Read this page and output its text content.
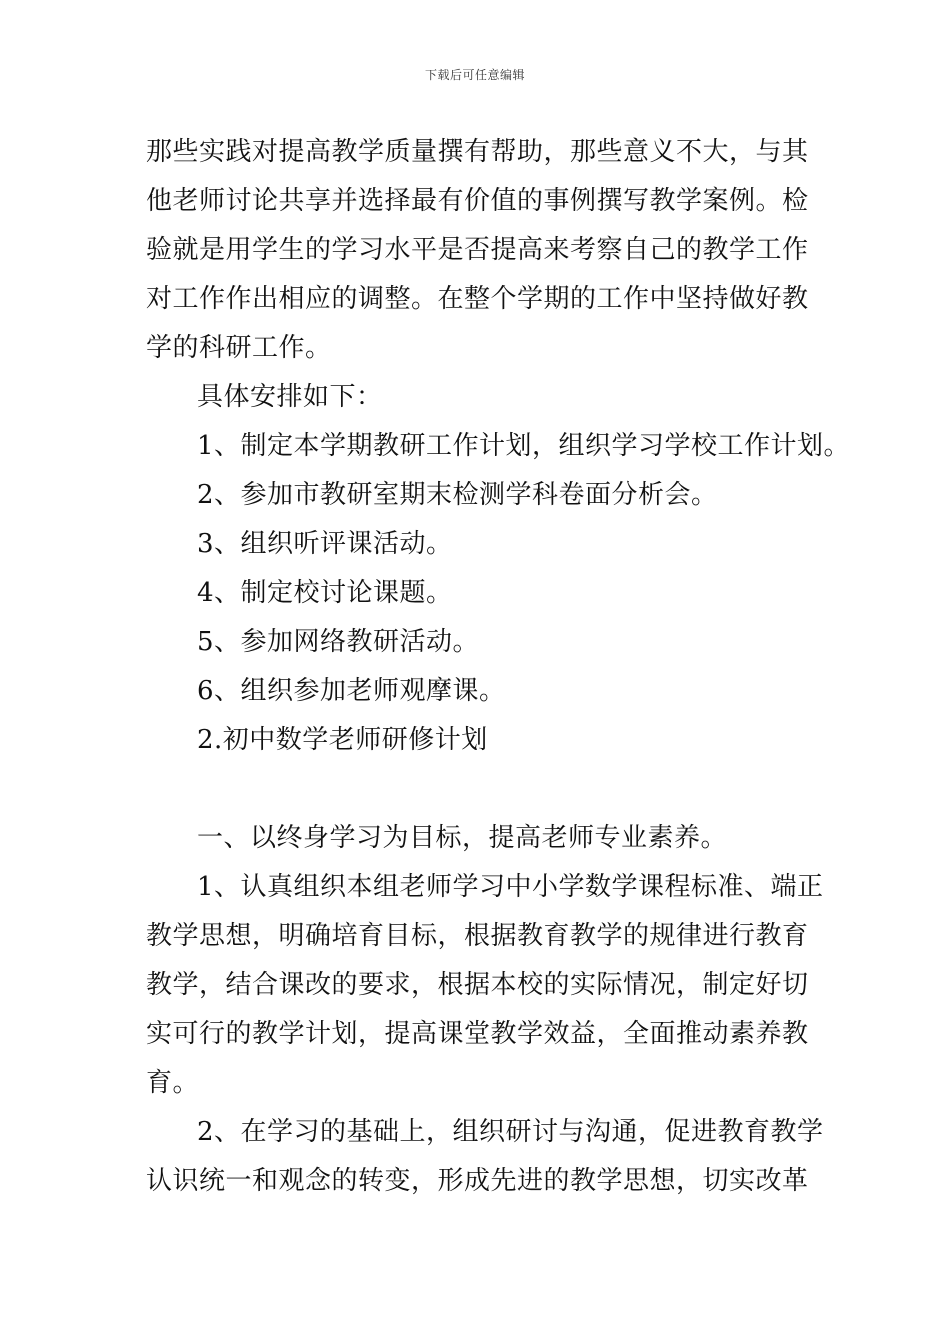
下载后可任意编辑
那些实践对提高教学质量撰有帮助，那些意义不大，与其
他老师讨论共享并选择最有价值的事例撰写教学案例。检
验就是用学生的学习水平是否提高来考察自己的教学工作
对工作作出相应的调整。在整个学期的工作中坚持做好教
学的科研工作。
具体安排如下：
1、制定本学期教研工作计划，组织学习学校工作计划。
2、参加市教研室期末检测学科卷面分析会。
3、组织听评课活动。
4、制定校讨论课题。
5、参加网络教研活动。
6、组织参加老师观摩课。
2.初中数学老师研修计划
一、以终身学习为目标，提高老师专业素养。
1、认真组织本组老师学习中小学数学课程标准、端正
教学思想，明确培育目标，根据教育教学的规律进行教育
教学，结合课改的要求，根据本校的实际情况，制定好切
实可行的教学计划，提高课堂教学效益，全面推动素养教
育。
2、在学习的基础上，组织研讨与沟通，促进教育教学
认识统一和观念的转变，形成先进的教学思想，切实改革
